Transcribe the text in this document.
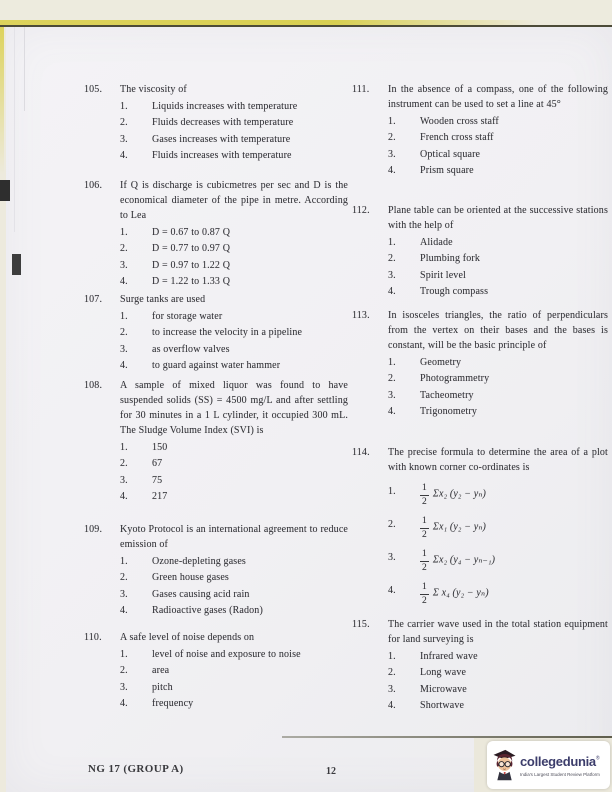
105. The viscosity of
1. Liquids increases with temperature
2. Fluids decreases with temperature
3. Gases increases with temperature
4. Fluids increases with temperature
106. If Q is discharge is cubicmetres per sec and D is the economical diameter of the pipe in metre. According to Lea
1. D = 0.67 to 0.87 Q
2. D = 0.77 to 0.97 Q
3. D = 0.97 to 1.22 Q
4. D = 1.22 to 1.33 Q
107. Surge tanks are used
1. for storage water
2. to increase the velocity in a pipeline
3. as overflow valves
4. to guard against water hammer
108. A sample of mixed liquor was found to have suspended solids (SS) = 4500 mg/L and after settling for 30 minutes in a 1 L cylinder, it occupied 300 mL. The Sludge Volume Index (SVI) is
1. 150
2. 67
3. 75
4. 217
109. Kyoto Protocol is an international agreement to reduce emission of
1. Ozone-depleting gases
2. Green house gases
3. Gases causing acid rain
4. Radioactive gases (Radon)
110. A safe level of noise depends on
1. level of noise and exposure to noise
2. area
3. pitch
4. frequency
111. In the absence of a compass, one of the following instrument can be used to set a line at 45°
1. Wooden cross staff
2. French cross staff
3. Optical square
4. Prism square
112. Plane table can be oriented at the successive stations with the help of
1. Alidade
2. Plumbing fork
3. Spirit level
4. Trough compass
113. In isosceles triangles, the ratio of perpendiculars from the vertex on their bases and the bases is constant, will be the basic principle of
1. Geometry
2. Photogrammetry
3. Tacheometry
4. Trigonometry
114. The precise formula to determine the area of a plot with known corner co-ordinates is
1.	$\frac{1}{2} \Sigma x_2$ (y₂ − yₙ)
2.	$\frac{1}{2} \Sigma x_1$ (y₂ − yₙ)
3.	$\frac{1}{2} \Sigma x_2$ (y₄ − yₙ₋₁)
4.	$\frac{1}{2}$ Σ x₄ (y₂ − yₙ)
115. The carrier wave used in the total station equipment for land surveying is
1. Infrared wave
2. Long wave
3. Microwave
4. Shortwave
NG 17 (GROUP A)	12
collegedunia®
India's Largest Student Review Platform
